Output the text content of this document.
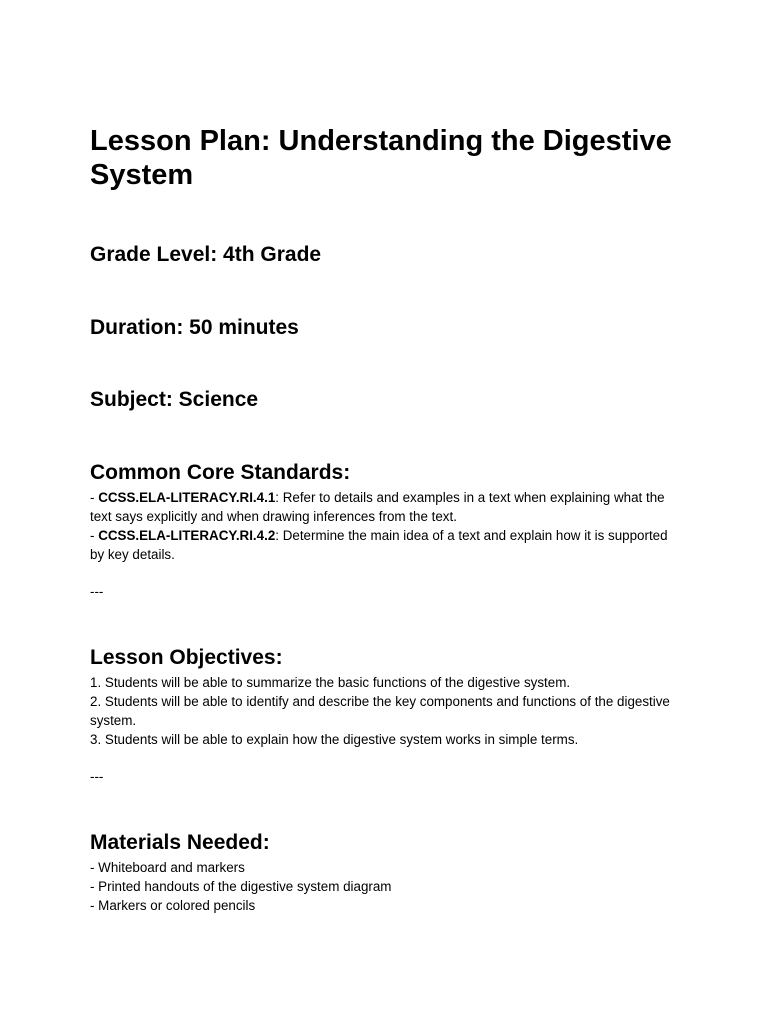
Lesson Plan: Understanding the Digestive System
Grade Level: 4th Grade
Duration: 50 minutes
Subject: Science
Common Core Standards:
- CCSS.ELA-LITERACY.RI.4.1: Refer to details and examples in a text when explaining what the text says explicitly and when drawing inferences from the text.
- CCSS.ELA-LITERACY.RI.4.2: Determine the main idea of a text and explain how it is supported by key details.

---

Lesson Objectives:
1. Students will be able to summarize the basic functions of the digestive system.
2. Students will be able to identify and describe the key components and functions of the digestive system.
3. Students will be able to explain how the digestive system works in simple terms.

---

Materials Needed:
- Whiteboard and markers
- Printed handouts of the digestive system diagram
- Markers or colored pencils
